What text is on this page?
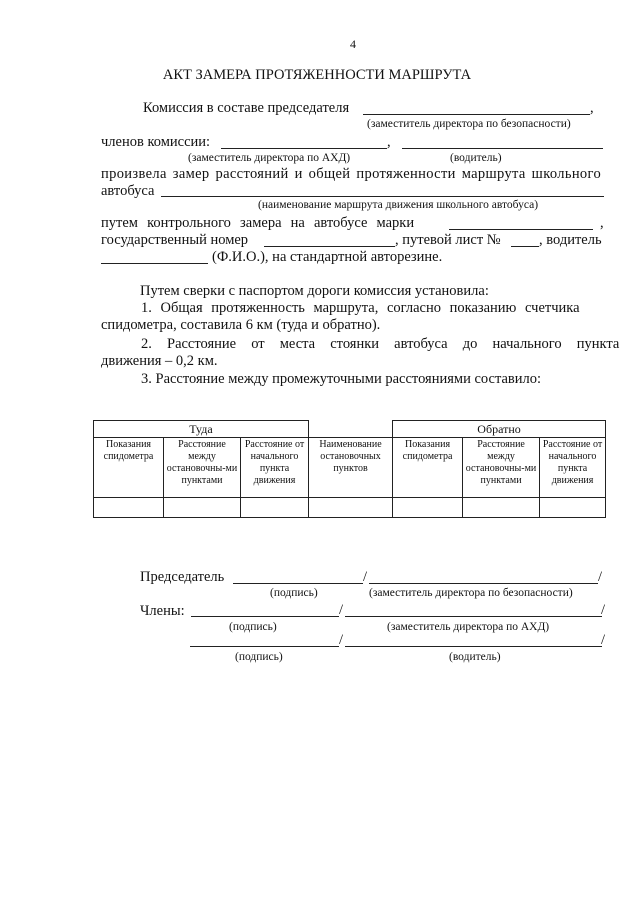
4
АКТ ЗАМЕРА ПРОТЯЖЕННОСТИ МАРШРУТА
Комиссия в составе председателя	,
(заместитель директора по безопасности)
членов комиссии:	,
(заместитель директора по АХД)	(водитель)
произвела замер расстояний и общей протяженности маршрута школьного
автобуса
(наименование маршрута движения школьного автобуса)
путем контрольного замера на автобусе марки	,
государственный номер	, путевой лист №	, водитель
(Ф.И.О.), на стандартной авторезине.
Путем сверки с паспортом дороги комиссия установила:
1. Общая протяженность маршрута, согласно показанию счетчика
спидометра, составила 6 км (туда и обратно).
2. Расстояние от места стоянки автобуса до начального пункта
движения – 0,2 км.
3. Расстояние между промежуточными расстояниями составило:
Туда				Обратно		
Показания спидометра	Расстояние между остановочны-ми пунктами	Расстояние от начального пункта движения	Наименование остановочных пунктов	Показания спидометра	Расстояние между остановочны-ми пунктами	Расстояние от начального пункта движения

Председатель	/	/
(подпись)	(заместитель директора по безопасности)
Члены:	/	/
(подпись)	(заместитель директора по АХД)
/	/
(подпись)	(водитель)
